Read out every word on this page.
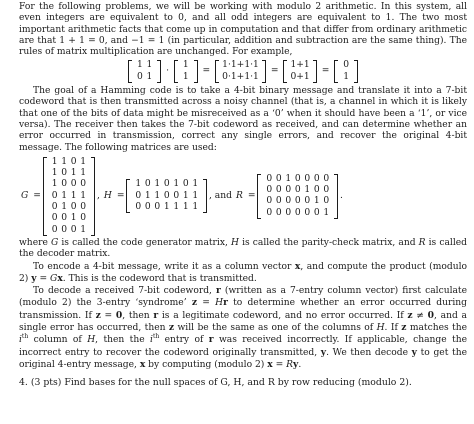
For the following problems, we will be working with modulo 2 arithmetic. In this system, all even integers are equivalent to 0, and all odd integers are equivalent to 1. The two most important arithmetic facts that come up in computation and that differ from ordinary arithmetic are that 1 + 1 = 0, and −1 = 1 (in particular, addition and subtraction are the same thing). The rules of matrix multiplication are unchanged. For example,

1 1
0 1
·
1
1
=
1·1+1·1
0·1+1·1
=
1+1
0+1
=
0
1

The goal of a Hamming code is to take a 4-bit binary message and translate it into a 7-bit codeword that is then transmitted across a noisy channel (that is, a channel in which it is likely that one of the bits of data might be misreceived as a ‘0’ when it should have been a ‘1’, or vice versa). The receiver then takes the 7-bit codeword as received, and can determine whether an error occurred in transmission, correct any single errors, and recover the original 4-bit message. The following matrices are used:

G =
1 1 0 1
1 0 1 1
1 0 0 0
0 1 1 1
0 1 0 0
0 0 1 0
0 0 0 1
, H =
1 0 1 0 1 0 1
0 1 1 0 0 1 1
0 0 0 1 1 1 1
, and R =
0 0 1 0 0 0 0
0 0 0 0 1 0 0
0 0 0 0 0 1 0
0 0 0 0 0 0 1
.

where G is called the code generator matrix, H is called the parity-check matrix, and R is called the decoder matrix.

To encode a 4-bit message, write it as a column vector x, and compute the product (modulo 2) y = Gx. This is the codeword that is transmitted.

To decode a received 7-bit codeword, r (written as a 7-entry column vector) first calculate (modulo 2) the 3-entry ‘syndrome’ z = Hr to determine whether an error occurred during transmission. If z = 0, then r is a legitimate codeword, and no error occurred. If z ≠ 0, and a single error has occurred, then z will be the same as one of the columns of H. If z matches the $i^{th}$ column of H, then the $i^{th}$ entry of r was received incorrectly. If applicable, change the incorrect entry to recover the codeword originally transmitted, y. We then decode y to get the original 4-entry message, x by computing (modulo 2) x = Ry.

4. (3 pts) Find bases for the null spaces of G, H, and R by row reducing (modulo 2).
